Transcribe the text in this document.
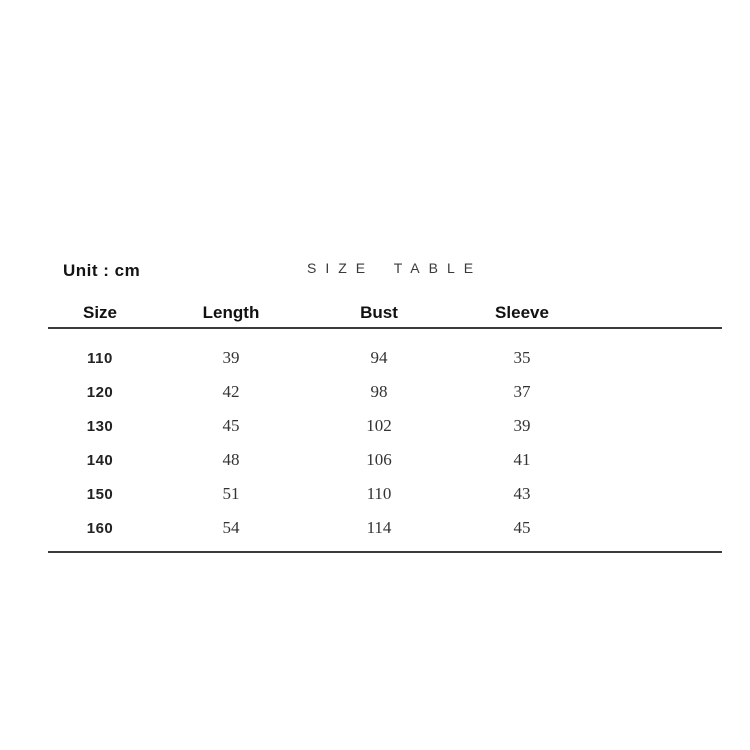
Unit : cm	SIZE TABLE
Size	Length	Bust	Sleeve
110	39	94	35
120	42	98	37
130	45	102	39
140	48	106	41
150	51	110	43
160	54	114	45
